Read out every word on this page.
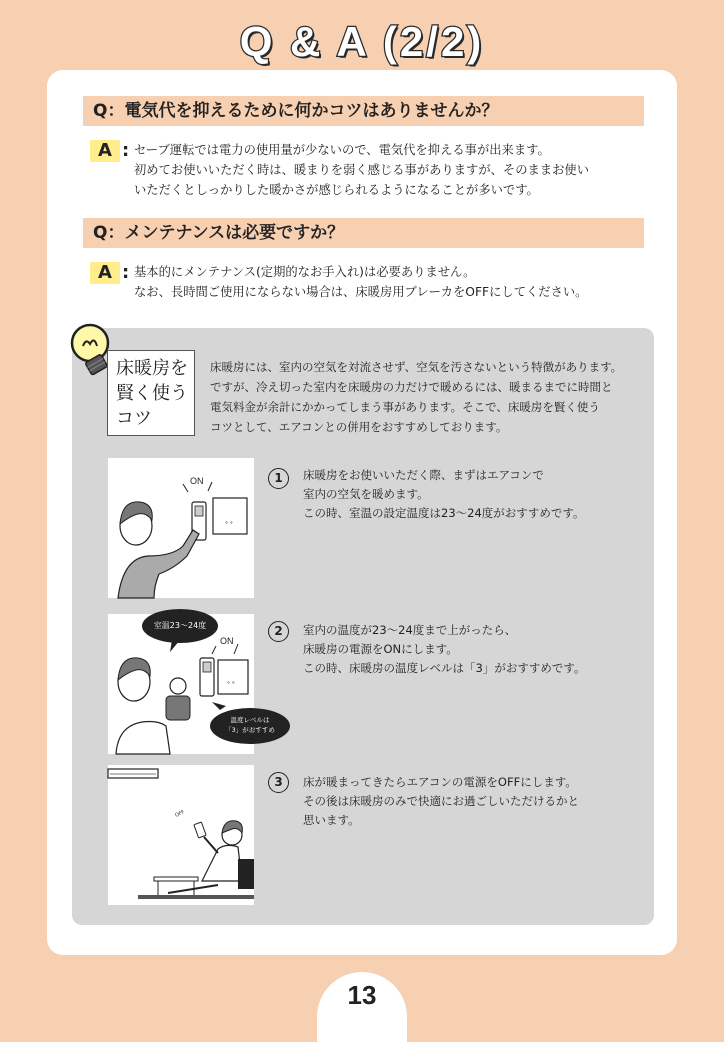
Q & A (2/2)
Q：電気代を抑えるために何かコツはありませんか？
A : セーブ運転では電力の使用量が少ないので、電気代を抑える事が出来ます。
初めてお使いいただく時は、暖まりを弱く感じる事がありますが、そのままお使い
いただくとしっかりした暖かさが感じられるようになることが多いです。
Q：メンテナンスは必要ですか？
A : 基本的にメンテナンス(定期的なお手入れ)は必要ありません。
なお、長時間ご使用にならない場合は、床暖房用ブレーカをOFFにしてください。
床暖房を
賢く使う
コツ
床暖房には、室内の空気を対流させず、空気を汚さないという特徴があります。
ですが、冷え切った室内を床暖房の力だけで暖めるには、暖まるまでに時間と
電気料金が余計にかかってしまう事があります。そこで、床暖房を賢く使う
コツとして、エアコンとの併用をおすすめしております。
ON
° °
室温23～24度
ON
° °
温度レベルは
「3」がおすすめ
OFF
1	床暖房をお使いいただく際、まずはエアコンで
室内の空気を暖めます。
この時、室温の設定温度は23～24度がおすすめです。
2	室内の温度が23～24度まで上がったら、
床暖房の電源をONにします。
この時、床暖房の温度レベルは「3」がおすすめです。
3	床が暖まってきたらエアコンの電源をOFFにします。
その後は床暖房のみで快適にお過ごしいただけるかと
思います。
13
